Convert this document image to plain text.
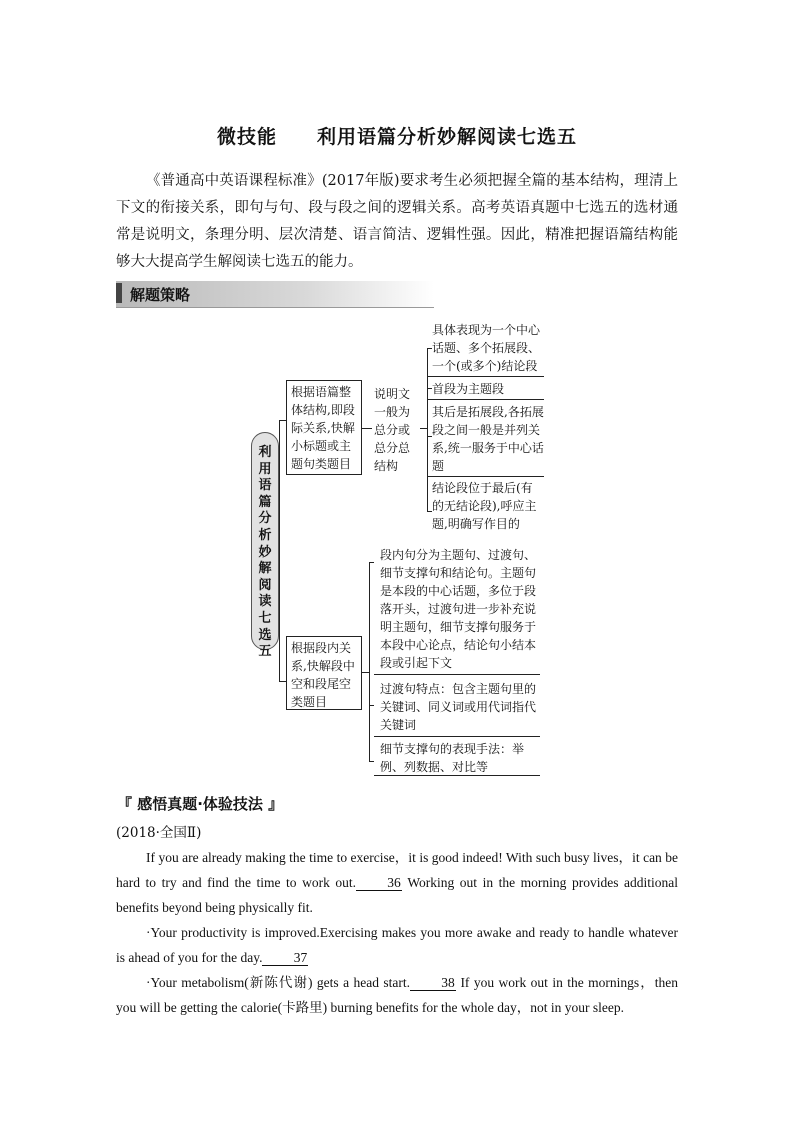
微技能　　利用语篇分析妙解阅读七选五

《普通高中英语课程标准》(2017年版)要求考生必须把握全篇的基本结构，理清上下文的衔接关系，即句与句、段与段之间的逻辑关系。高考英语真题中七选五的选材通常是说明文，条理分明、层次清楚、语言简洁、逻辑性强。因此，精准把握语篇结构能够大大提高学生解阅读七选五的能力。

解题策略
利
用
语
篇
分
析
妙
解
阅
读
七
选
五
根据语篇整体结构,即段际关系,快解小标题或主题句类题目
说明文一般为总分或总分总结构
具体表现为一个中心话题、多个拓展段、一个(或多个)结论段
首段为主题段
其后是拓展段,各拓展段之间一般是并列关系,统一服务于中心话题
结论段位于最后(有的无结论段),呼应主题,明确写作目的
根据段内关系,快解段中空和段尾空类题目
段内句分为主题句、过渡句、细节支撑句和结论句。主题句是本段的中心话题，多位于段落开头，过渡句进一步补充说明主题句，细节支撑句服务于本段中心论点，结论句小结本段或引起下文
过渡句特点：包含主题句里的关键词、同义词或用代词指代关键词
细节支撑句的表现手法：举例、列数据、对比等
『 感悟真题·体验技法 』
(2018·全国Ⅱ)

If you are already making the time to exercise，it is good indeed! With such busy lives，it can be hard to try and find the time to work out. 36 Working out in the morning provides additional benefits beyond being physically fit.

·Your productivity is improved.Exercising makes you more awake and ready to handle whatever is ahead of you for the day. 37

·Your metabolism(新陈代谢) gets a head start. 38 If you work out in the mornings，then you will be getting the calorie(卡路里) burning benefits for the whole day，not in your sleep.
